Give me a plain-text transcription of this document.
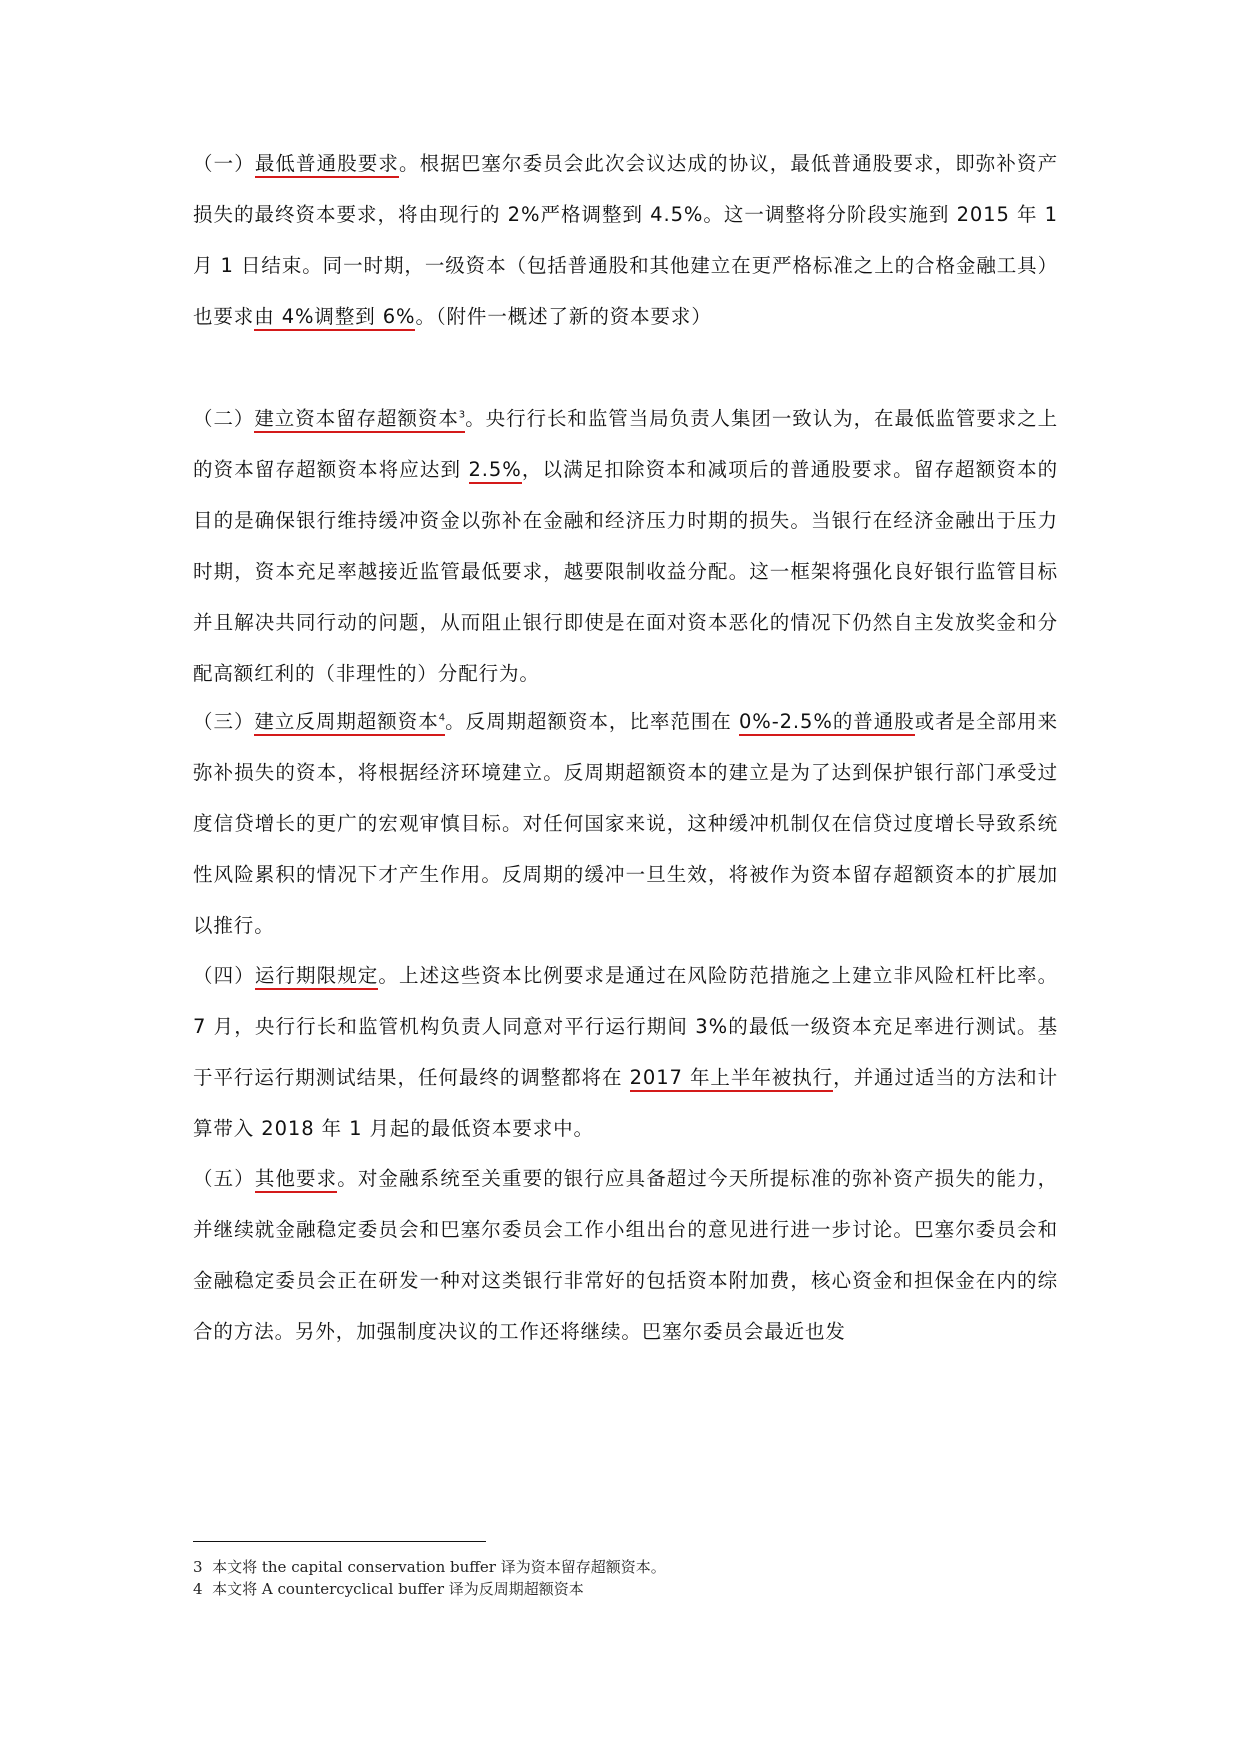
（一）最低普通股要求。根据巴塞尔委员会此次会议达成的协议，最低普通股要求，即弥补资产损失的最终资本要求，将由现行的 2%严格调整到 4.5%。这一调整将分阶段实施到 2015 年 1 月 1 日结束。同一时期，一级资本（包括普通股和其他建立在更严格标准之上的合格金融工具）也要求由 4%调整到 6%。（附件一概述了新的资本要求）

（二）建立资本留存超额资本$^3$。央行行长和监管当局负责人集团一致认为，在最低监管要求之上的资本留存超额资本将应达到 2.5%，以满足扣除资本和减项后的普通股要求。留存超额资本的目的是确保银行维持缓冲资金以弥补在金融和经济压力时期的损失。当银行在经济金融出于压力时期，资本充足率越接近监管最低要求，越要限制收益分配。这一框架将强化良好银行监管目标并且解决共同行动的问题，从而阻止银行即使是在面对资本恶化的情况下仍然自主发放奖金和分配高额红利的（非理性的）分配行为。

（三）建立反周期超额资本$^4$。反周期超额资本，比率范围在 0%-2.5%的普通股或者是全部用来弥补损失的资本，将根据经济环境建立。反周期超额资本的建立是为了达到保护银行部门承受过度信贷增长的更广的宏观审慎目标。对任何国家来说，这种缓冲机制仅在信贷过度增长导致系统性风险累积的情况下才产生作用。反周期的缓冲一旦生效，将被作为资本留存超额资本的扩展加以推行。

（四）运行期限规定。上述这些资本比例要求是通过在风险防范措施之上建立非风险杠杆比率。7 月，央行行长和监管机构负责人同意对平行运行期间 3%的最低一级资本充足率进行测试。基于平行运行期测试结果，任何最终的调整都将在 2017 年上半年被执行，并通过适当的方法和计算带入 2018 年 1 月起的最低资本要求中。

（五）其他要求。对金融系统至关重要的银行应具备超过今天所提标准的弥补资产损失的能力，并继续就金融稳定委员会和巴塞尔委员会工作小组出台的意见进行进一步讨论。巴塞尔委员会和金融稳定委员会正在研发一种对这类银行非常好的包括资本附加费，核心资金和担保金在内的综合的方法。另外，加强制度决议的工作还将继续。巴塞尔委员会最近也发

3 本文将 the capital conservation buffer 译为资本留存超额资本。
4 本文将 A countercyclical buffer 译为反周期超额资本
